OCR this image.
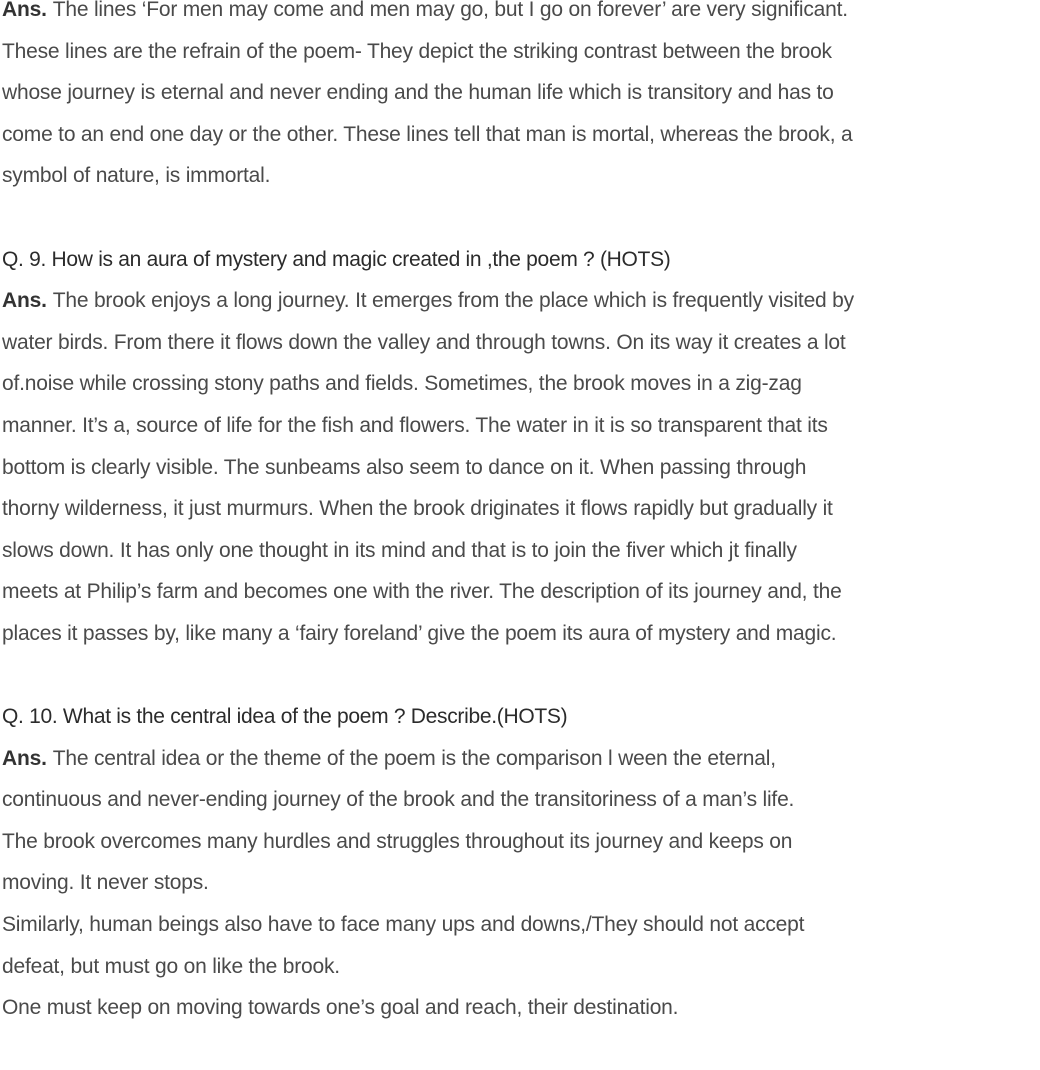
Ans. The lines ‘For men may come and men may go, but I go on forever’ are very significant.
These lines are the refrain of the poem- They depict the striking contrast between the brook
whose journey is eternal and never ending and the human life which is transitory and has to
come to an end one day or the other. These lines tell that man is mortal, whereas the brook, a
symbol of nature, is immortal.
Q. 9. How is an aura of mystery and magic created in ,the poem ? (HOTS)
Ans. The brook enjoys a long journey. It emerges from the place which is frequently visited by
water birds. From there it flows down the valley and through towns. On its way it creates a lot
of.noise while crossing stony paths and fields. Sometimes, the brook moves in a zig-zag
manner. It’s a, source of life for the fish and flowers. The water in it is so transparent that its
bottom is clearly visible. The sunbeams also seem to dance on it. When passing through
thorny wilderness, it just murmurs. When the brook driginates it flows rapidly but gradually it
slows down. It has only one thought in its mind and that is to join the fiver which jt finally
meets at Philip’s farm and becomes one with the river. The description of its journey and, the
places it passes by, like many a ‘fairy foreland’ give the poem its aura of mystery and magic.
Q. 10. What is the central idea of the poem ? Describe.(HOTS)
Ans. The central idea or the theme of the poem is the comparison l ween the eternal,
continuous and never-ending journey of the brook and the transitoriness of a man’s life.
The brook overcomes many hurdles and struggles throughout its journey and keeps on
moving. It never stops.
Similarly, human beings also have to face many ups and downs,/They should not accept
defeat, but must go on like the brook.
One must keep on moving towards one’s goal and reach, their destination.
